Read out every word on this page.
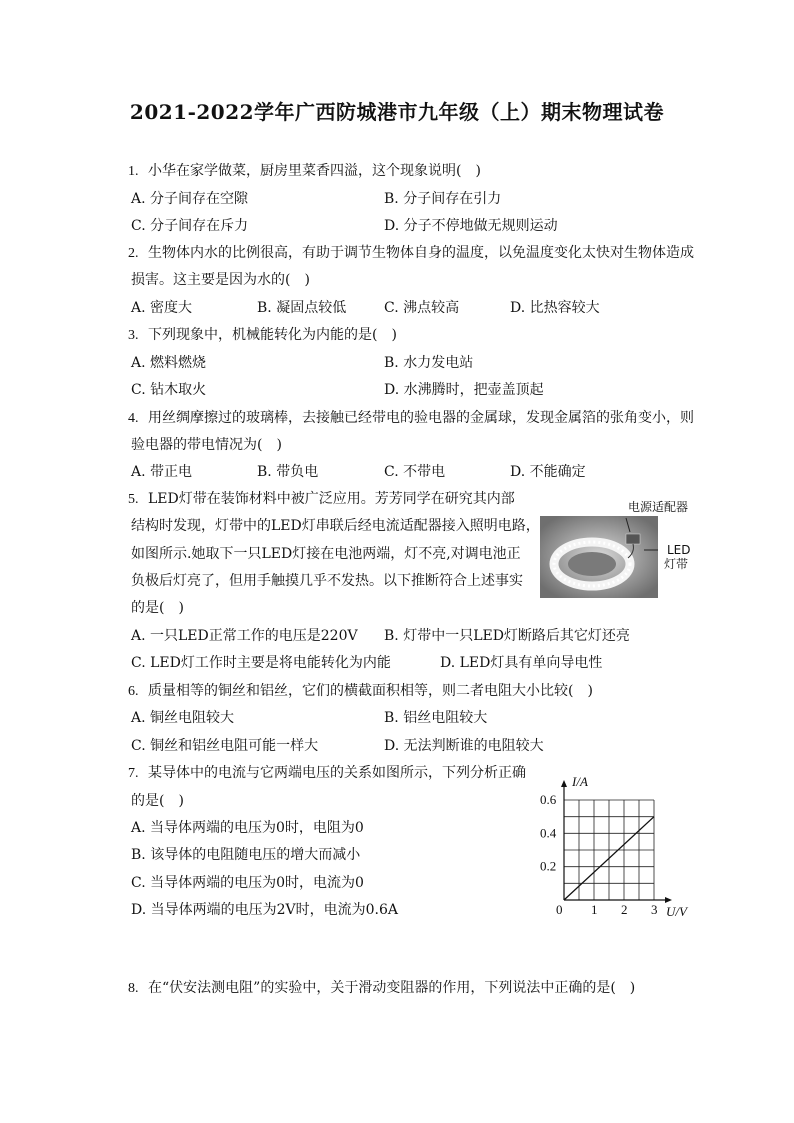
2021-2022学年广西防城港市九年级（上）期末物理试卷
1. 小华在家学做菜，厨房里菜香四溢，这个现象说明(　)
A. 分子间存在空隙	B. 分子间存在引力
C. 分子间存在斥力	D. 分子不停地做无规则运动
2. 生物体内水的比例很高，有助于调节生物体自身的温度，以免温度变化太快对生物体造成
损害。这主要是因为水的(　)
A. 密度大	B. 凝固点较低	C. 沸点较高	D. 比热容较大
3. 下列现象中，机械能转化为内能的是(　)
A. 燃料燃烧	B. 水力发电站
C. 钻木取火	D. 水沸腾时，把壶盖顶起
4. 用丝绸摩擦过的玻璃棒，去接触已经带电的验电器的金属球，发现金属箔的张角变小，则
验电器的带电情况为(　)
A. 带正电	B. 带负电	C. 不带电	D. 不能确定
5. LED灯带在装饰材料中被广泛应用。芳芳同学在研究其内部
结构时发现，灯带中的LED灯串联后经电流适配器接入照明电路，
如图所示.她取下一只LED灯接在电池两端，灯不亮,对调电池正
负极后灯亮了，但用手触摸几乎不发热。以下推断符合上述事实
的是(　)
A. 一只LED正常工作的电压是220V B. 灯带中一只LED灯断路后其它灯还亮
C. LED灯工作时主要是将电能转化为内能	D. LED灯具有单向导电性
电源适配器
LED
灯带
6. 质量相等的铜丝和铝丝，它们的横截面积相等，则二者电阻大小比较(　)
A. 铜丝电阻较大	B. 铝丝电阻较大
C. 铜丝和铝丝电阻可能一样大	D. 无法判断谁的电阻较大
7. 某导体中的电流与它两端电压的关系如图所示，下列分析正确
的是(　)
A. 当导体两端的电压为0时，电阻为0
B. 该导体的电阻随电压的增大而减小
C. 当导体两端的电压为0时，电流为0
D. 当导体两端的电压为2V时，电流为0.6A	0 1 2 3
0.2
0.4
0.6
I/A
U/V
8. 在“伏安法测电阻”的实验中，关于滑动变阻器的作用，下列说法中正确的是(　)
